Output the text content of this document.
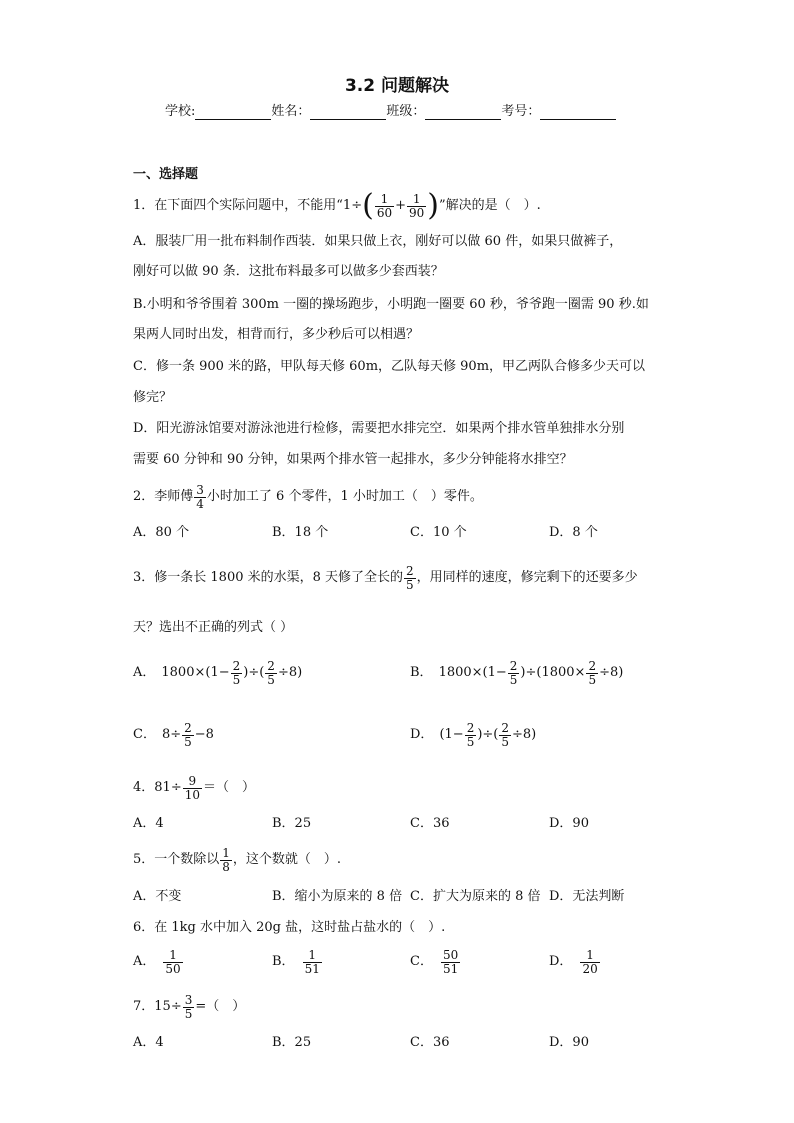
3.2 问题解决
学校:	姓名：	班级：	考号：
一、选择题
1．在下面四个实际问题中，不能用“1÷ ( $\frac{1}{60} + \frac{1}{90}$ ) ”解决的是（　）.
A．服装厂用一批布料制作西装．如果只做上衣，刚好可以做 60 件，如果只做裤子，
刚好可以做 90 条．这批布料最多可以做多少套西装？
B.小明和爷爷围着 300m 一圈的操场跑步，小明跑一圈要 60 秒，爷爷跑一圈需 90 秒.如
果两人同时出发，相背而行，多少秒后可以相遇？
C．修一条 900 米的路，甲队每天修 60m，乙队每天修 90m，甲乙两队合修多少天可以
修完？
D．阳光游泳馆要对游泳池进行检修，需要把水排完空．如果两个排水管单独排水分别
需要 60 分钟和 90 分钟，如果两个排水管一起排水，多少分钟能将水排空？
2．李师傅 $\frac{3}{4}$ 小时加工了 6 个零件，1 小时加工（　）零件。
A．80 个	B．18 个	C．10 个	D．8 个
3．修一条长 1800 米的水渠，8 天修了全长的 $\frac{2}{5}$ ，用同样的速度，修完剩下的还要多少
天？选出不正确的列式（ ）
A． $1800\times(1- \frac{2}{5}$ )÷( $\frac{2}{5} \div 8$)	B． $1800\times(1- \frac{2}{5} )\div(1800\times \frac{2}{5} \div 8)$
C． $8\div \frac{2}{5} -8$	D． ($1- \frac{2}{5}$ )÷( $\frac{2}{5} \div 8$)
4．$81\div \frac{9}{10}$ ＝（　）
A．4	B．25	C．36	D．90
5．一个数除以 $\frac{1}{8}$ ，这个数就（　）.
A．不变	B．缩小为原来的 8 倍 C．扩大为原来的 8 倍 D．无法判断
6．在 1kg 水中加入 20g 盐，这时盐占盐水的（　）.
A． $\frac{1}{50}$	B． $\frac{1}{51}$	C． $\frac{50}{51}$	D． $\frac{1}{20}$
7．$15\div \frac{3}{5}$ =（　）
A．4	B．25	C．36	D．90
